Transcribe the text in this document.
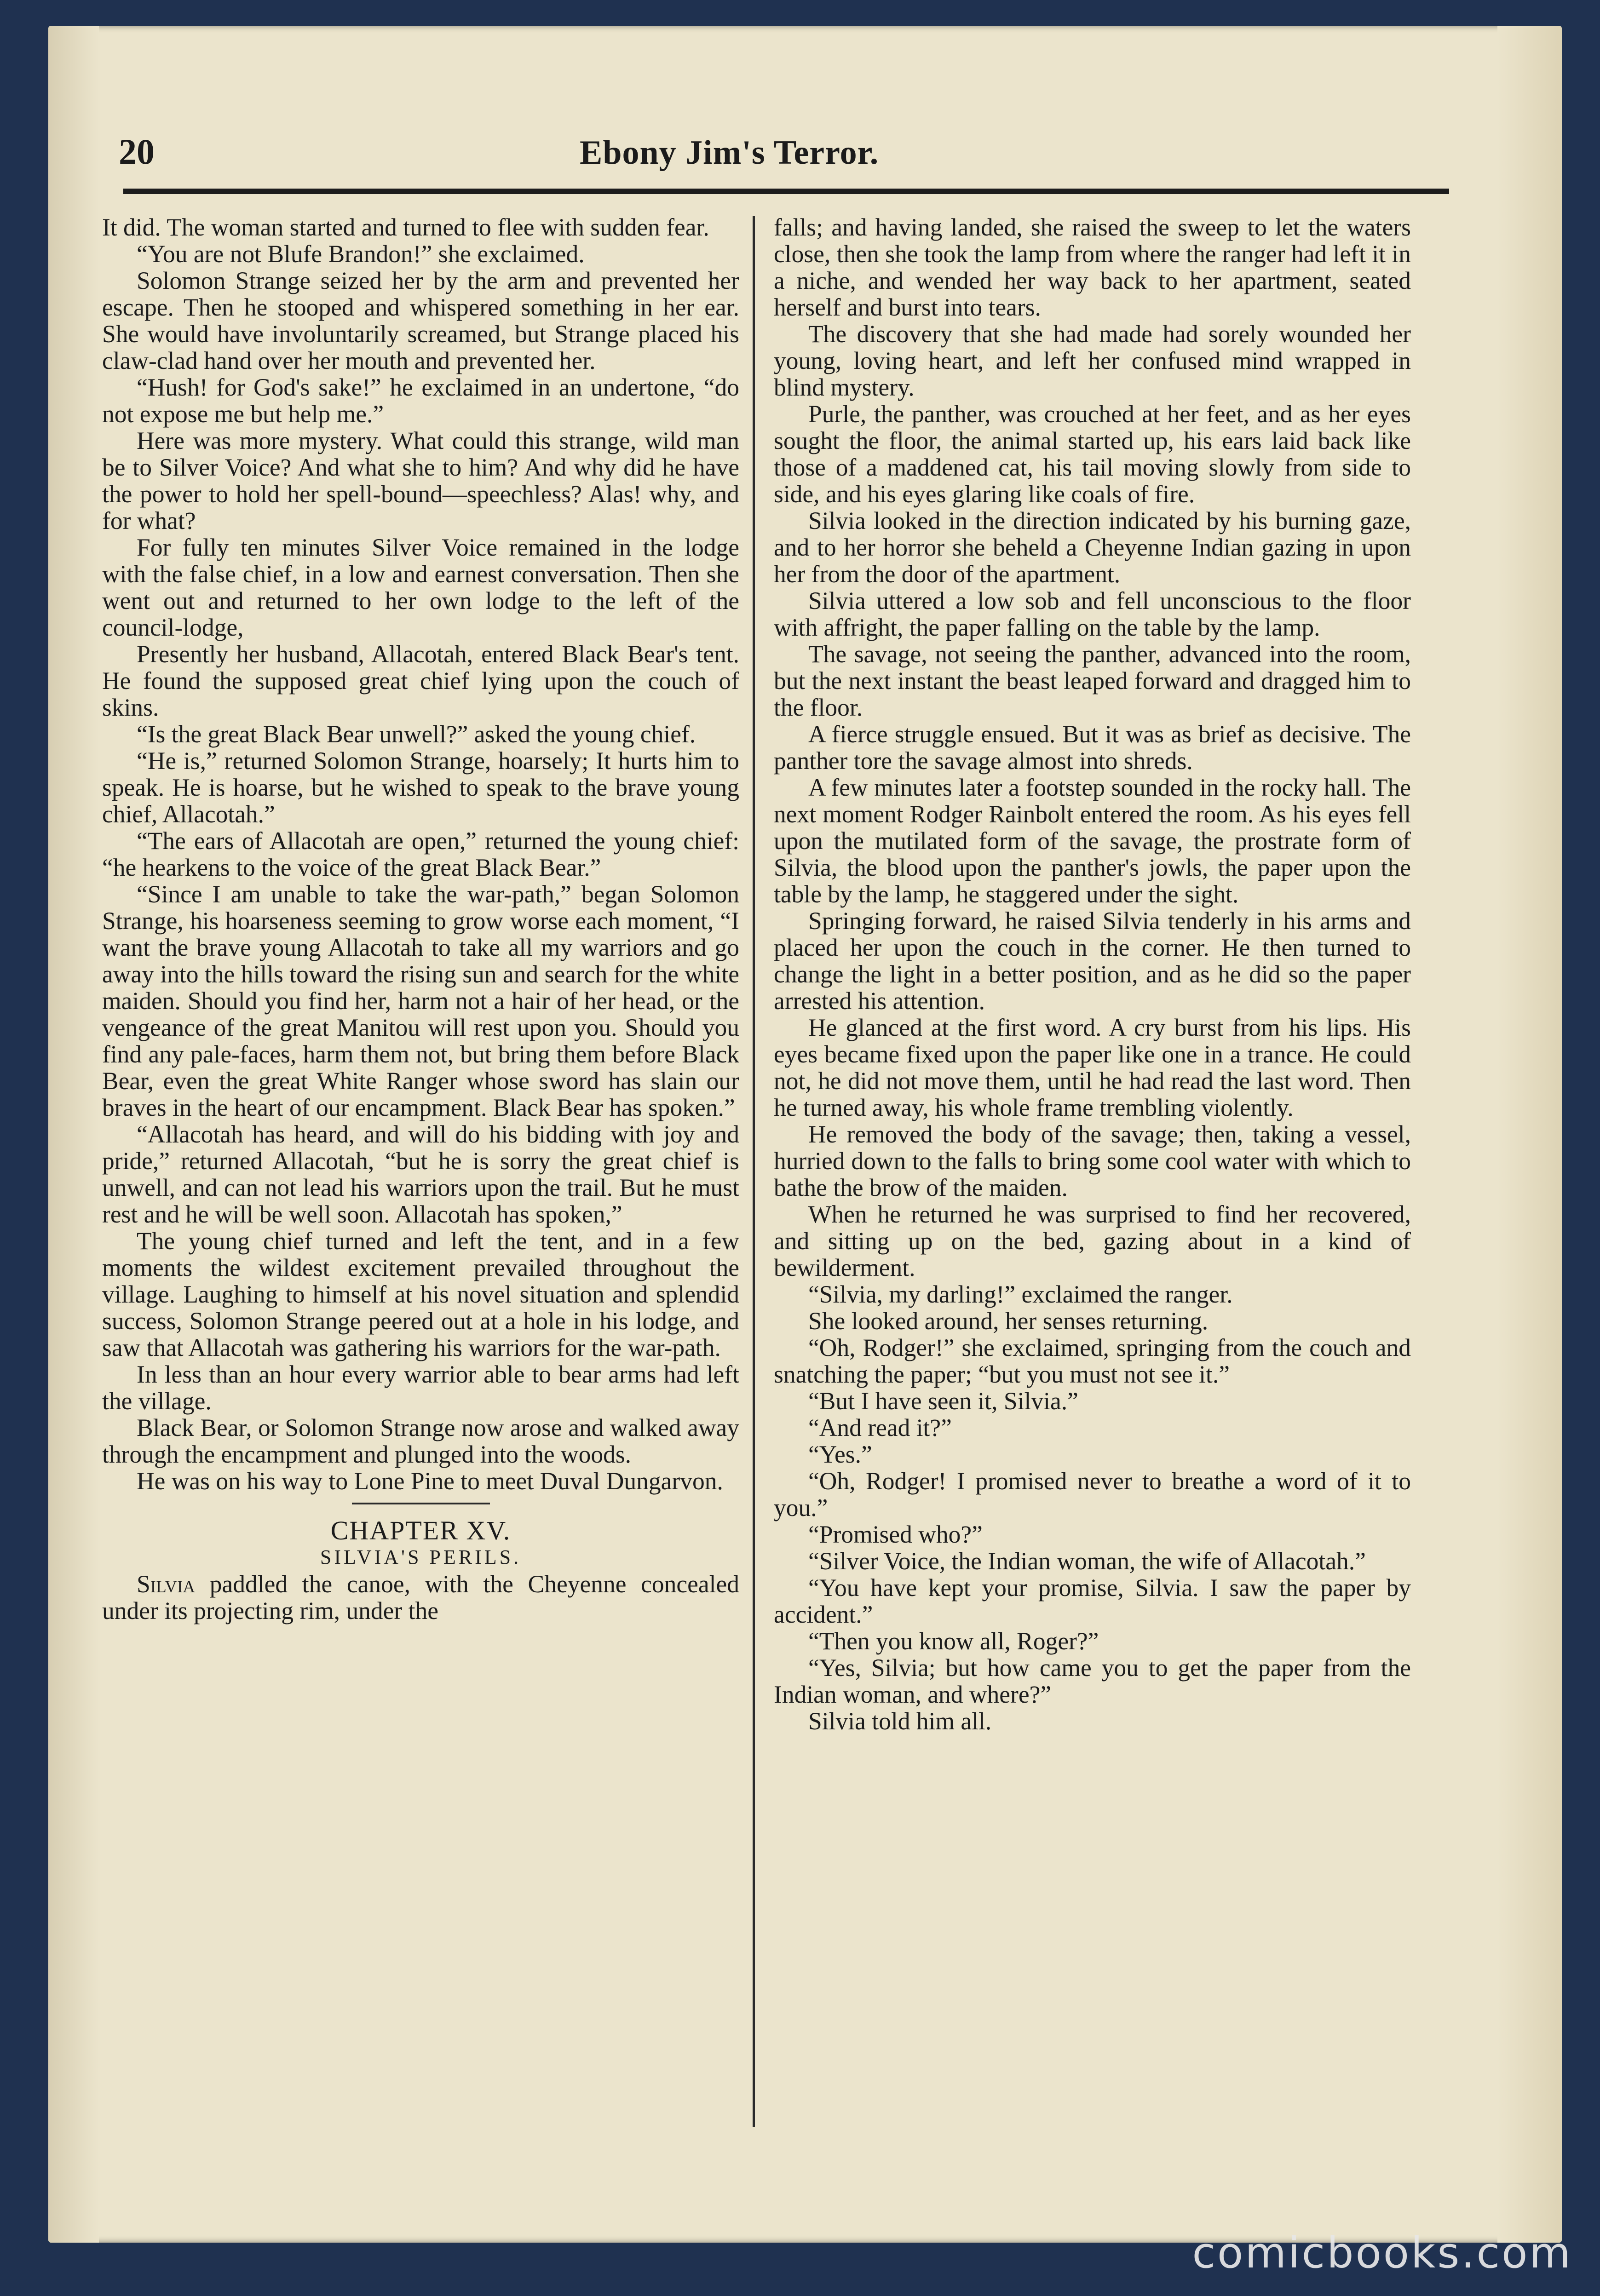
20	Ebony Jim's Terror.

It did. The woman started and turned to flee with sudden fear.

“You are not Blufe Brandon!” she exclaimed.

Solomon Strange seized her by the arm and prevented her escape. Then he stooped and whispered something in her ear. She would have involuntarily screamed, but Strange placed his claw-clad hand over her mouth and prevented her.

“Hush! for God's sake!” he exclaimed in an undertone, “do not expose me but help me.”

Here was more mystery. What could this strange, wild man be to Silver Voice? And what she to him? And why did he have the power to hold her spell-bound—speechless? Alas! why, and for what?

For fully ten minutes Silver Voice remained in the lodge with the false chief, in a low and earnest conversation. Then she went out and returned to her own lodge to the left of the council-lodge,

Presently her husband, Allacotah, entered Black Bear's tent. He found the supposed great chief lying upon the couch of skins.

“Is the great Black Bear unwell?” asked the young chief.

“He is,” returned Solomon Strange, hoarsely; It hurts him to speak. He is hoarse, but he wished to speak to the brave young chief, Allacotah.”

“The ears of Allacotah are open,” returned the young chief: “he hearkens to the voice of the great Black Bear.”

“Since I am unable to take the war-path,” began Solomon Strange, his hoarseness seeming to grow worse each moment, “I want the brave young Allacotah to take all my warriors and go away into the hills toward the rising sun and search for the white maiden. Should you find her, harm not a hair of her head, or the vengeance of the great Manitou will rest upon you. Should you find any pale-faces, harm them not, but bring them before Black Bear, even the great White Ranger whose sword has slain our braves in the heart of our encampment. Black Bear has spoken.”

“Allacotah has heard, and will do his bidding with joy and pride,” returned Allacotah, “but he is sorry the great chief is unwell, and can not lead his warriors upon the trail. But he must rest and he will be well soon. Allacotah has spoken,”

The young chief turned and left the tent, and in a few moments the wildest excitement prevailed throughout the village. Laughing to himself at his novel situation and splendid success, Solomon Strange peered out at a hole in his lodge, and saw that Allacotah was gathering his warriors for the war-path.

In less than an hour every warrior able to bear arms had left the village.

Black Bear, or Solomon Strange now arose and walked away through the encampment and plunged into the woods.

He was on his way to Lone Pine to meet Duval Dungarvon.

CHAPTER XV.

SILVIA'S PERILS.

Silvia paddled the canoe, with the Cheyenne concealed under its projecting rim, under the

falls; and having landed, she raised the sweep to let the waters close, then she took the lamp from where the ranger had left it in a niche, and wended her way back to her apartment, seated herself and burst into tears.

The discovery that she had made had sorely wounded her young, loving heart, and left her confused mind wrapped in blind mystery.

Purle, the panther, was crouched at her feet, and as her eyes sought the floor, the animal started up, his ears laid back like those of a maddened cat, his tail moving slowly from side to side, and his eyes glaring like coals of fire.

Silvia looked in the direction indicated by his burning gaze, and to her horror she beheld a Cheyenne Indian gazing in upon her from the door of the apartment.

Silvia uttered a low sob and fell unconscious to the floor with affright, the paper falling on the table by the lamp.

The savage, not seeing the panther, advanced into the room, but the next instant the beast leaped forward and dragged him to the floor.

A fierce struggle ensued. But it was as brief as decisive. The panther tore the savage almost into shreds.

A few minutes later a footstep sounded in the rocky hall. The next moment Rodger Rainbolt entered the room. As his eyes fell upon the mutilated form of the savage, the prostrate form of Silvia, the blood upon the panther's jowls, the paper upon the table by the lamp, he staggered under the sight.

Springing forward, he raised Silvia tenderly in his arms and placed her upon the couch in the corner. He then turned to change the light in a better position, and as he did so the paper arrested his attention.

He glanced at the first word. A cry burst from his lips. His eyes became fixed upon the paper like one in a trance. He could not, he did not move them, until he had read the last word. Then he turned away, his whole frame trembling violently.

He removed the body of the savage; then, taking a vessel, hurried down to the falls to bring some cool water with which to bathe the brow of the maiden.

When he returned he was surprised to find her recovered, and sitting up on the bed, gazing about in a kind of bewilderment.

“Silvia, my darling!” exclaimed the ranger.

She looked around, her senses returning.

“Oh, Rodger!” she exclaimed, springing from the couch and snatching the paper; “but you must not see it.”

“But I have seen it, Silvia.”

“And read it?”

“Yes.”

“Oh, Rodger! I promised never to breathe a word of it to you.”

“Promised who?”

“Silver Voice, the Indian woman, the wife of Allacotah.”

“You have kept your promise, Silvia. I saw the paper by accident.”

“Then you know all, Roger?”

“Yes, Silvia; but how came you to get the paper from the Indian woman, and where?”

Silvia told him all.

comicbooks.com
